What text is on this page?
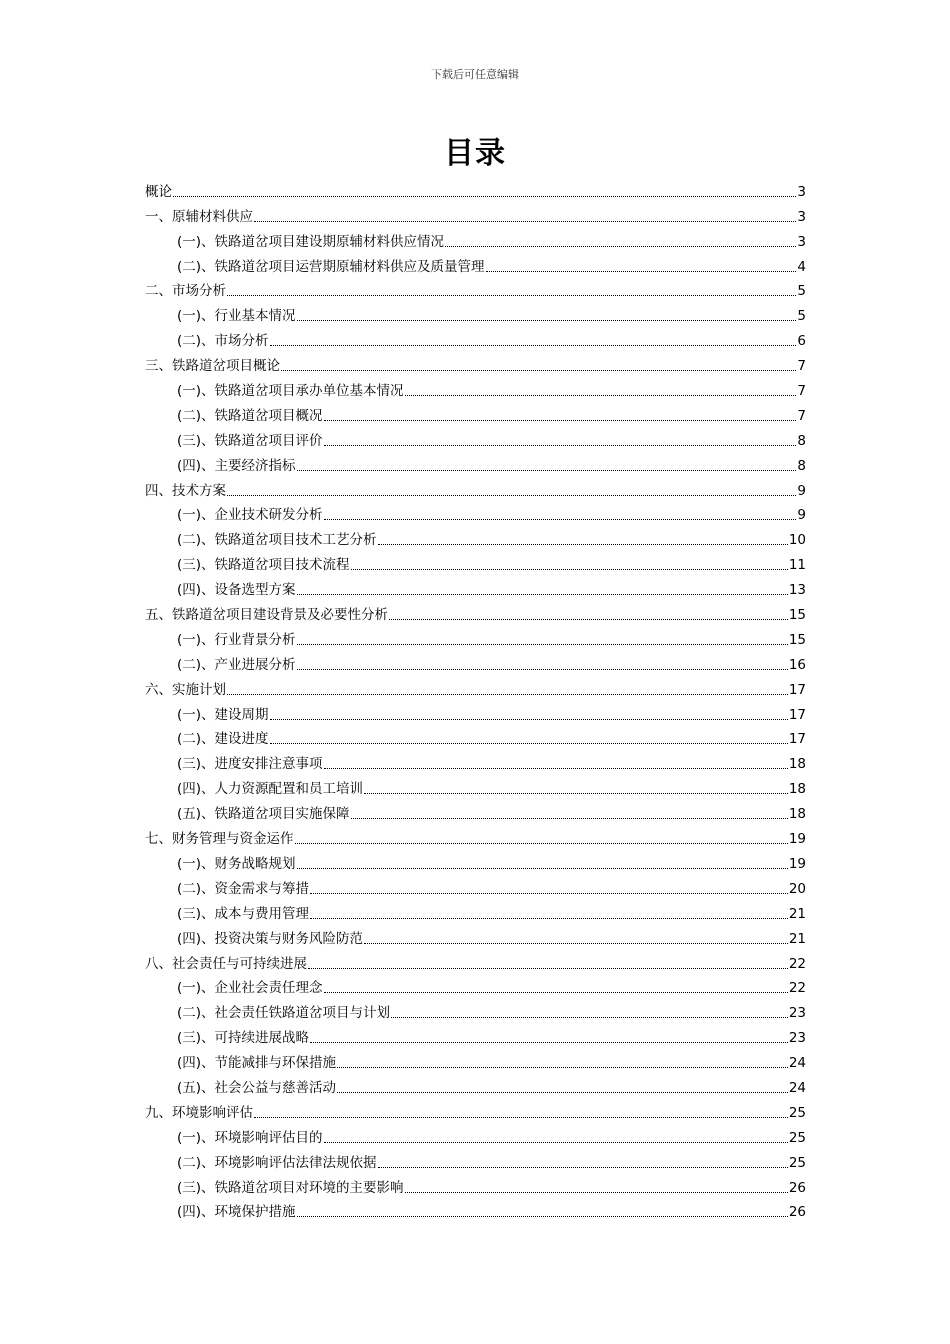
下载后可任意编辑
目录
概论	3
一、原辅材料供应	3
(一)、铁路道岔项目建设期原辅材料供应情况	3
(二)、铁路道岔项目运营期原辅材料供应及质量管理	4
二、市场分析	5
(一)、行业基本情况	5
(二)、市场分析	6
三、铁路道岔项目概论	7
(一)、铁路道岔项目承办单位基本情况	7
(二)、铁路道岔项目概况	7
(三)、铁路道岔项目评价	8
(四)、主要经济指标	8
四、技术方案	9
(一)、企业技术研发分析	9
(二)、铁路道岔项目技术工艺分析	10
(三)、铁路道岔项目技术流程	11
(四)、设备选型方案	13
五、铁路道岔项目建设背景及必要性分析	15
(一)、行业背景分析	15
(二)、产业进展分析	16
六、实施计划	17
(一)、建设周期	17
(二)、建设进度	17
(三)、进度安排注意事项	18
(四)、人力资源配置和员工培训	18
(五)、铁路道岔项目实施保障	18
七、财务管理与资金运作	19
(一)、财务战略规划	19
(二)、资金需求与筹措	20
(三)、成本与费用管理	21
(四)、投资决策与财务风险防范	21
八、社会责任与可持续进展	22
(一)、企业社会责任理念	22
(二)、社会责任铁路道岔项目与计划	23
(三)、可持续进展战略	23
(四)、节能减排与环保措施	24
(五)、社会公益与慈善活动	24
九、环境影响评估	25
(一)、环境影响评估目的	25
(二)、环境影响评估法律法规依据	25
(三)、铁路道岔项目对环境的主要影响	26
(四)、环境保护措施	26
